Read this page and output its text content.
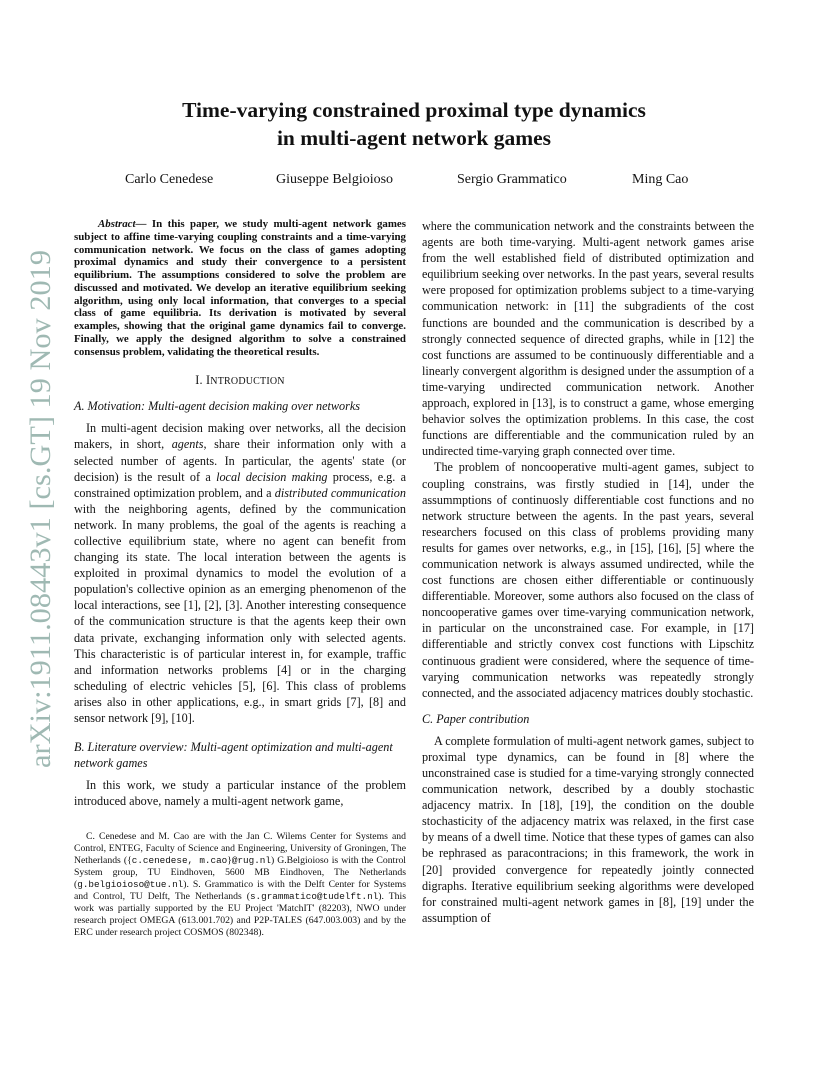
arXiv:1911.08443v1 [cs.GT] 19 Nov 2019
Time-varying constrained proximal type dynamics
in multi-agent network games
Carlo Cenedese	Giuseppe Belgioioso	Sergio Grammatico	Ming Cao

Abstract— In this paper, we study multi-agent network games subject to affine time-varying coupling constraints and a time-varying communication network. We focus on the class of games adopting proximal dynamics and study their convergence to a persistent equilibrium. The assumptions considered to solve the problem are discussed and motivated. We develop an iterative equilibrium seeking algorithm, using only local information, that converges to a special class of game equilibria. Its derivation is motivated by several examples, showing that the original game dynamics fail to converge. Finally, we apply the designed algorithm to solve a constrained consensus problem, validating the theoretical results.

I. INTRODUCTION
A. Motivation: Multi-agent decision making over networks

In multi-agent decision making over networks, all the decision makers, in short, agents, share their information only with a selected number of agents. In particular, the agents' state (or decision) is the result of a local decision making process, e.g. a constrained optimization problem, and a distributed communication with the neighboring agents, defined by the communication network. In many problems, the goal of the agents is reaching a collective equilibrium state, where no agent can benefit from changing its state. The local interation between the agents is exploited in proximal dynamics to model the evolution of a population's collective opinion as an emerging phenomenon of the local interactions, see [1], [2], [3]. Another interesting consequence of the communication structure is that the agents keep their own data private, exchanging information only with selected agents. This characteristic is of particular interest in, for example, traffic and information networks problems [4] or in the charging scheduling of electric vehicles [5], [6]. This class of problems arises also in other applications, e.g., in smart grids [7], [8] and sensor network [9], [10].

B. Literature overview: Multi-agent optimization and multi-agent network games

In this work, we study a particular instance of the problem introduced above, namely a multi-agent network game,

C. Cenedese and M. Cao are with the Jan C. Wilems Center for Systems and Control, ENTEG, Faculty of Science and Engineering, University of Groningen, The Netherlands ({c.cenedese, m.cao}@rug.nl) G.Belgioioso is with the Control System group, TU Eindhoven, 5600 MB Eindhoven, The Netherlands (g.belgioioso@tue.nl). S. Grammatico is with the Delft Center for Systems and Control, TU Delft, The Netherlands (s.grammatico@tudelft.nl). This work was partially supported by the EU Project 'MatchIT' (82203), NWO under research project OMEGA (613.001.702) and P2P-TALES (647.003.003) and by the ERC under research project COSMOS (802348).

where the communication network and the constraints between the agents are both time-varying. Multi-agent network games arise from the well established field of distributed optimization and equilibrium seeking over networks. In the past years, several results were proposed for optimization problems subject to a time-varying communication network: in [11] the subgradients of the cost functions are bounded and the communication is described by a strongly connected sequence of directed graphs, while in [12] the cost functions are assumed to be continuously differentiable and a linearly convergent algorithm is designed under the assumption of a time-varying undirected communication network. Another approach, explored in [13], is to construct a game, whose emerging behavior solves the optimization problems. In this case, the cost functions are differentiable and the communication ruled by an undirected time-varying graph connected over time.

The problem of noncooperative multi-agent games, subject to coupling constrains, was firstly studied in [14], under the assummptions of continuosly differentiable cost functions and no network structure between the agents. In the past years, several researchers focused on this class of problems providing many results for games over networks, e.g., in [15], [16], [5] where the communication network is always assumed undirected, while the cost functions are chosen either differentiable or continuously differentiable. Moreover, some authors also focused on the class of noncooperative games over time-varying communication network, in particular on the unconstrained case. For example, in [17] differentiable and strictly convex cost functions with Lipschitz continuous gradient were considered, where the sequence of time-varying communication networks was repeatedly strongly connected, and the associated adjacency matrices doubly stochastic.

C. Paper contribution

A complete formulation of multi-agent network games, subject to proximal type dynamics, can be found in [8] where the unconstrained case is studied for a time-varying strongly connected communication network, described by a doubly stochastic adjacency matrix. In [18], [19], the condition on the double stochasticity of the adjacency matrix was relaxed, in the first case by means of a dwell time. Notice that these types of games can also be rephrased as paracontracions; in this framework, the work in [20] provided convergence for repeatedly jointly connected digraphs. Iterative equilibrium seeking algorithms were developed for constrained multi-agent network games in [8], [19] under the assumption of
